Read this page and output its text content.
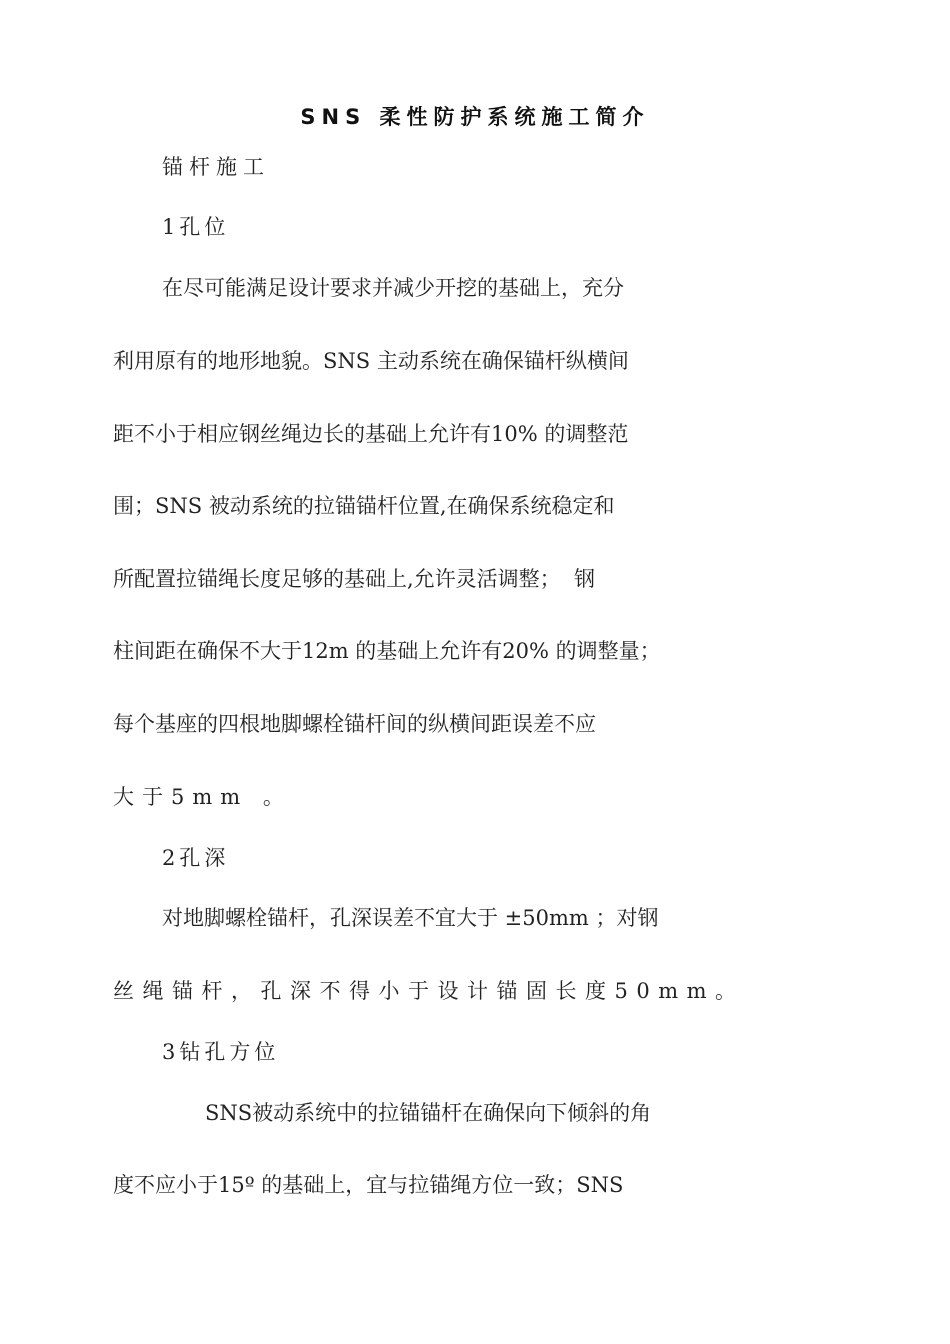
SNS 柔性防护系统施工简介
锚杆施工
1孔位
在尽可能满足设计要求并减少开挖的基础上，充分
利用原有的地形地貌。SNS 主动系统在确保锚杆纵横间
距不小于相应钢丝绳边长的基础上允许有10% 的调整范
围；SNS 被动系统的拉锚锚杆位置,在确保系统稳定和
所配置拉锚绳长度足够的基础上,允许灵活调整；  钢
柱间距在确保不大于12m 的基础上允许有20% 的调整量；
每个基座的四根地脚螺栓锚杆间的纵横间距误差不应
大于5mm 。
2孔深
对地脚螺栓锚杆，孔深误差不宜大于 ±50mm ；对钢
丝绳锚杆，孔深不得小于设计锚固长度50mm。
3钻孔方位
SNS被动系统中的拉锚锚杆在确保向下倾斜的角
度不应小于15º 的基础上，宜与拉锚绳方位一致；SNS
